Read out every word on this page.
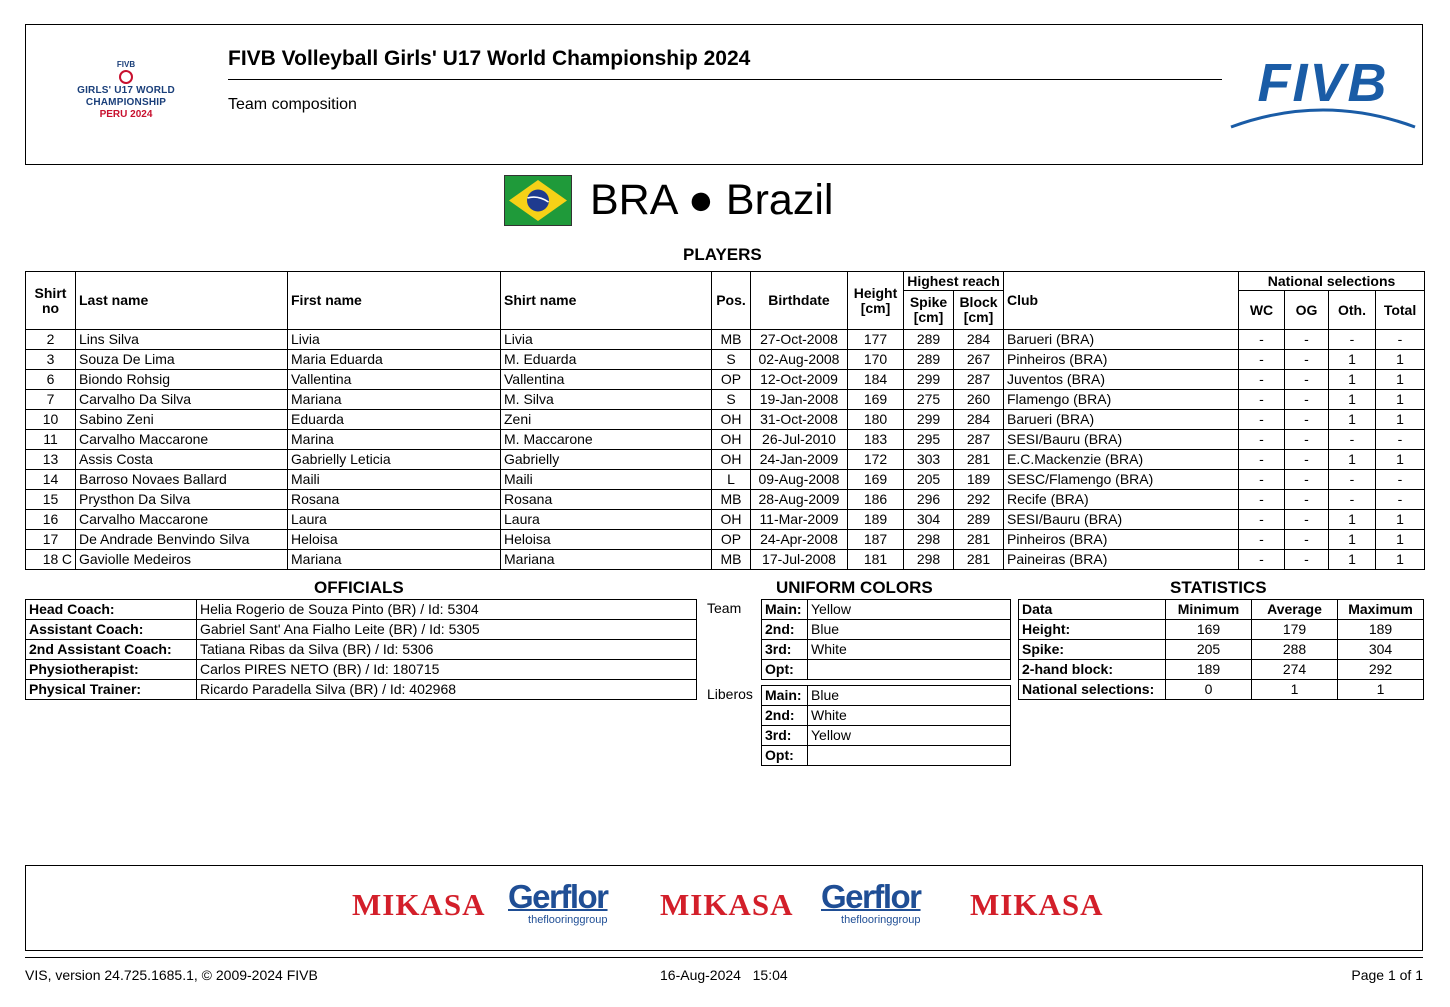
FIVB
GIRLS' U17 WORLD CHAMPIONSHIP
PERU 2024
FIVB Volleyball Girls' U17 World Championship 2024
Team composition	FIVB
BRA ● Brazil
PLAYERS
Shirt no	Last name	First name	Shirt name	Pos.	Birthdate	Height [cm]	Highest reach		Club	National selections			
							Spike [cm]	Block [cm]		WC	OG	Oth.	Total
2	Lins Silva	Livia	Livia	MB	27-Oct-2008	177	289	284	Barueri (BRA)	-	-	-	-
3	Souza De Lima	Maria Eduarda	M. Eduarda	S	02-Aug-2008	170	289	267	Pinheiros (BRA)	-	-	1	1
6	Biondo Rohsig	Vallentina	Vallentina	OP	12-Oct-2009	184	299	287	Juventos (BRA)	-	-	1	1
7	Carvalho Da Silva	Mariana	M. Silva	S	19-Jan-2008	169	275	260	Flamengo (BRA)	-	-	1	1
10	Sabino Zeni	Eduarda	Zeni	OH	31-Oct-2008	180	299	284	Barueri (BRA)	-	-	1	1
11	Carvalho Maccarone	Marina	M. Maccarone	OH	26-Jul-2010	183	295	287	SESI/Bauru (BRA)	-	-	-	-
13	Assis Costa	Gabrielly Leticia	Gabrielly	OH	24-Jan-2009	172	303	281	E.C.Mackenzie (BRA)	-	-	1	1
14	Barroso Novaes Ballard	Maili	Maili	L	09-Aug-2008	169	205	189	SESC/Flamengo (BRA)	-	-	-	-
15	Prysthon Da Silva	Rosana	Rosana	MB	28-Aug-2009	186	296	292	Recife (BRA)	-	-	-	-
16	Carvalho Maccarone	Laura	Laura	OH	11-Mar-2009	189	304	289	SESI/Bauru (BRA)	-	-	1	1
17	De Andrade Benvindo Silva	Heloisa	Heloisa	OP	24-Apr-2008	187	298	281	Pinheiros (BRA)	-	-	1	1
18 C	Gaviolle Medeiros	Mariana	Mariana	MB	17-Jul-2008	181	298	281	Paineiras (BRA)	-	-	1	1
OFFICIALS
Head Coach:	Helia Rogerio de Souza Pinto (BR) / Id: 5304
Assistant Coach:	Gabriel Sant' Ana Fialho Leite (BR) / Id: 5305
2nd Assistant Coach:	Tatiana Ribas da Silva (BR) / Id: 5306
Physiotherapist:	Carlos PIRES NETO (BR) / Id: 180715
Physical Trainer:	Ricardo Paradella Silva (BR) / Id: 402968
UNIFORM COLORS
Team Main:	Yellow
2nd:	Blue
3rd:	White
Opt:	
Liberos Main:	Blue
2nd:	White
3rd:	Yellow
Opt:	
STATISTICS
Data	Minimum	Average	Maximum
Height:	169	179	189
Spike:	205	288	304
2-hand block:	189	274	292
National selections:	0	1	1
MIKASA Gerflor
theflooringgroup MIKASA Gerflor
theflooringgroup MIKASA
VIS, version 24.725.1685.1, © 2009-2024 FIVB	16-Aug-2024   15:04	Page 1 of 1
